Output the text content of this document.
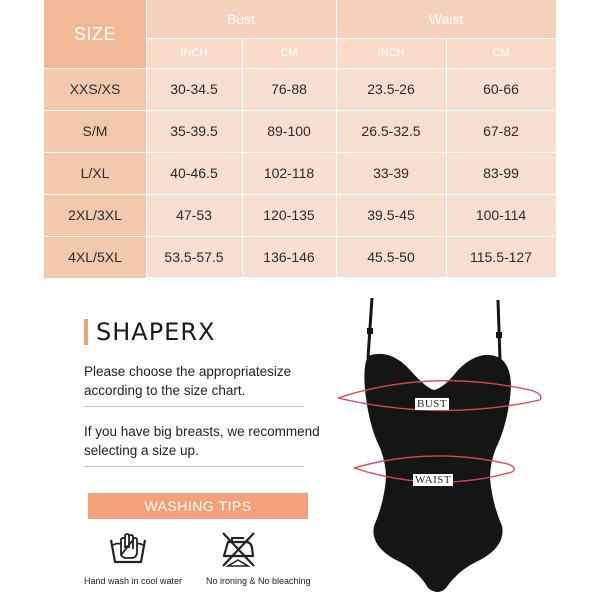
SIZE
Bust	Waist
INCH	CM	INCH	CM
XXS/XS	30-34.5	76-88	23.5-26	60-66
S/M	35-39.5	89-100	26.5-32.5	67-82
L/XL	40-46.5	102-118	33-39	83-99
2XL/3XL	47-53	120-135	39.5-45	100-114
4XL/5XL	53.5-57.5	136-146	45.5-50	115.5-127
SHAPERX
Please choose the appropriatesize according to the size chart.
If you have big breasts, we recommend selecting a size up.
WASHING TIPS
Hand wash in cool water	No ironing & No bleaching
BUST
WAIST
